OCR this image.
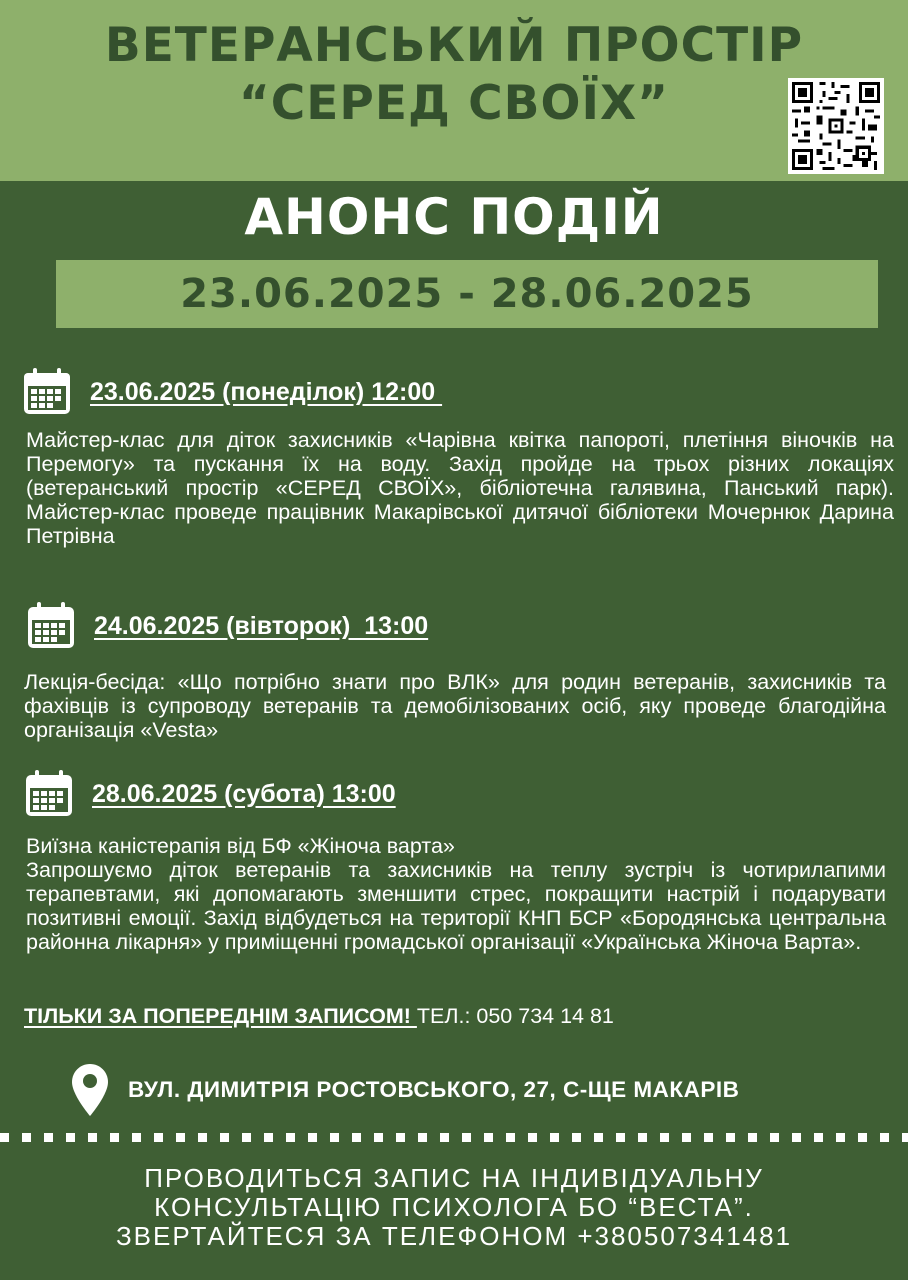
ВЕТЕРАНСЬКИЙ ПРОСТІР
“СЕРЕД СВОЇХ”
АНОНС ПОДІЙ
23.06.2025 - 28.06.2025
23.06.2025 (понеділок) 12:00

Майстер-клас для діток захисників «Чарівна квітка папороті, плетіння віночків на Перемогу» та пускання їх на воду. Захід пройде на трьох різних локаціях (ветеранський простір «СЕРЕД СВОЇХ», бібліотечна галявина, Панський парк). Майстер-клас проведе працівник Макарівської дитячої бібліотеки Мочернюк Дарина Петрівна

24.06.2025 (вівторок)  13:00

Лекція-бесіда: «Що потрібно знати про ВЛК» для родин ветеранів, захисників та фахівців із супроводу ветеранів та демобілізованих осіб, яку проведе благодійна організація «Vesta»

28.06.2025 (субота) 13:00
Виїзна каністерапія від БФ «Жіноча варта»

Запрошуємо діток ветеранів та захисників на теплу зустріч із чотирилапими терапевтами, які допомагають зменшити стрес, покращити настрій і подарувати позитивні емоції. Захід відбудеться на території КНП БСР «Бородянська центральна районна лікарня» у приміщенні громадської організації «Українська Жіноча Варта».

ТІЛЬКИ ЗА ПОПЕРЕДНІМ ЗАПИСОМ! ТЕЛ.: 050 734 14 81
ВУЛ. ДИМИТРІЯ РОСТОВСЬКОГО, 27, С-ЩЕ МАКАРІВ
ПРОВОДИТЬСЯ ЗАПИС НА ІНДИВІДУАЛЬНУ
КОНСУЛЬТАЦІЮ ПСИХОЛОГА БО “ВЕСТА”.
ЗВЕРТАЙТЕСЯ ЗА ТЕЛЕФОНОМ +380507341481
